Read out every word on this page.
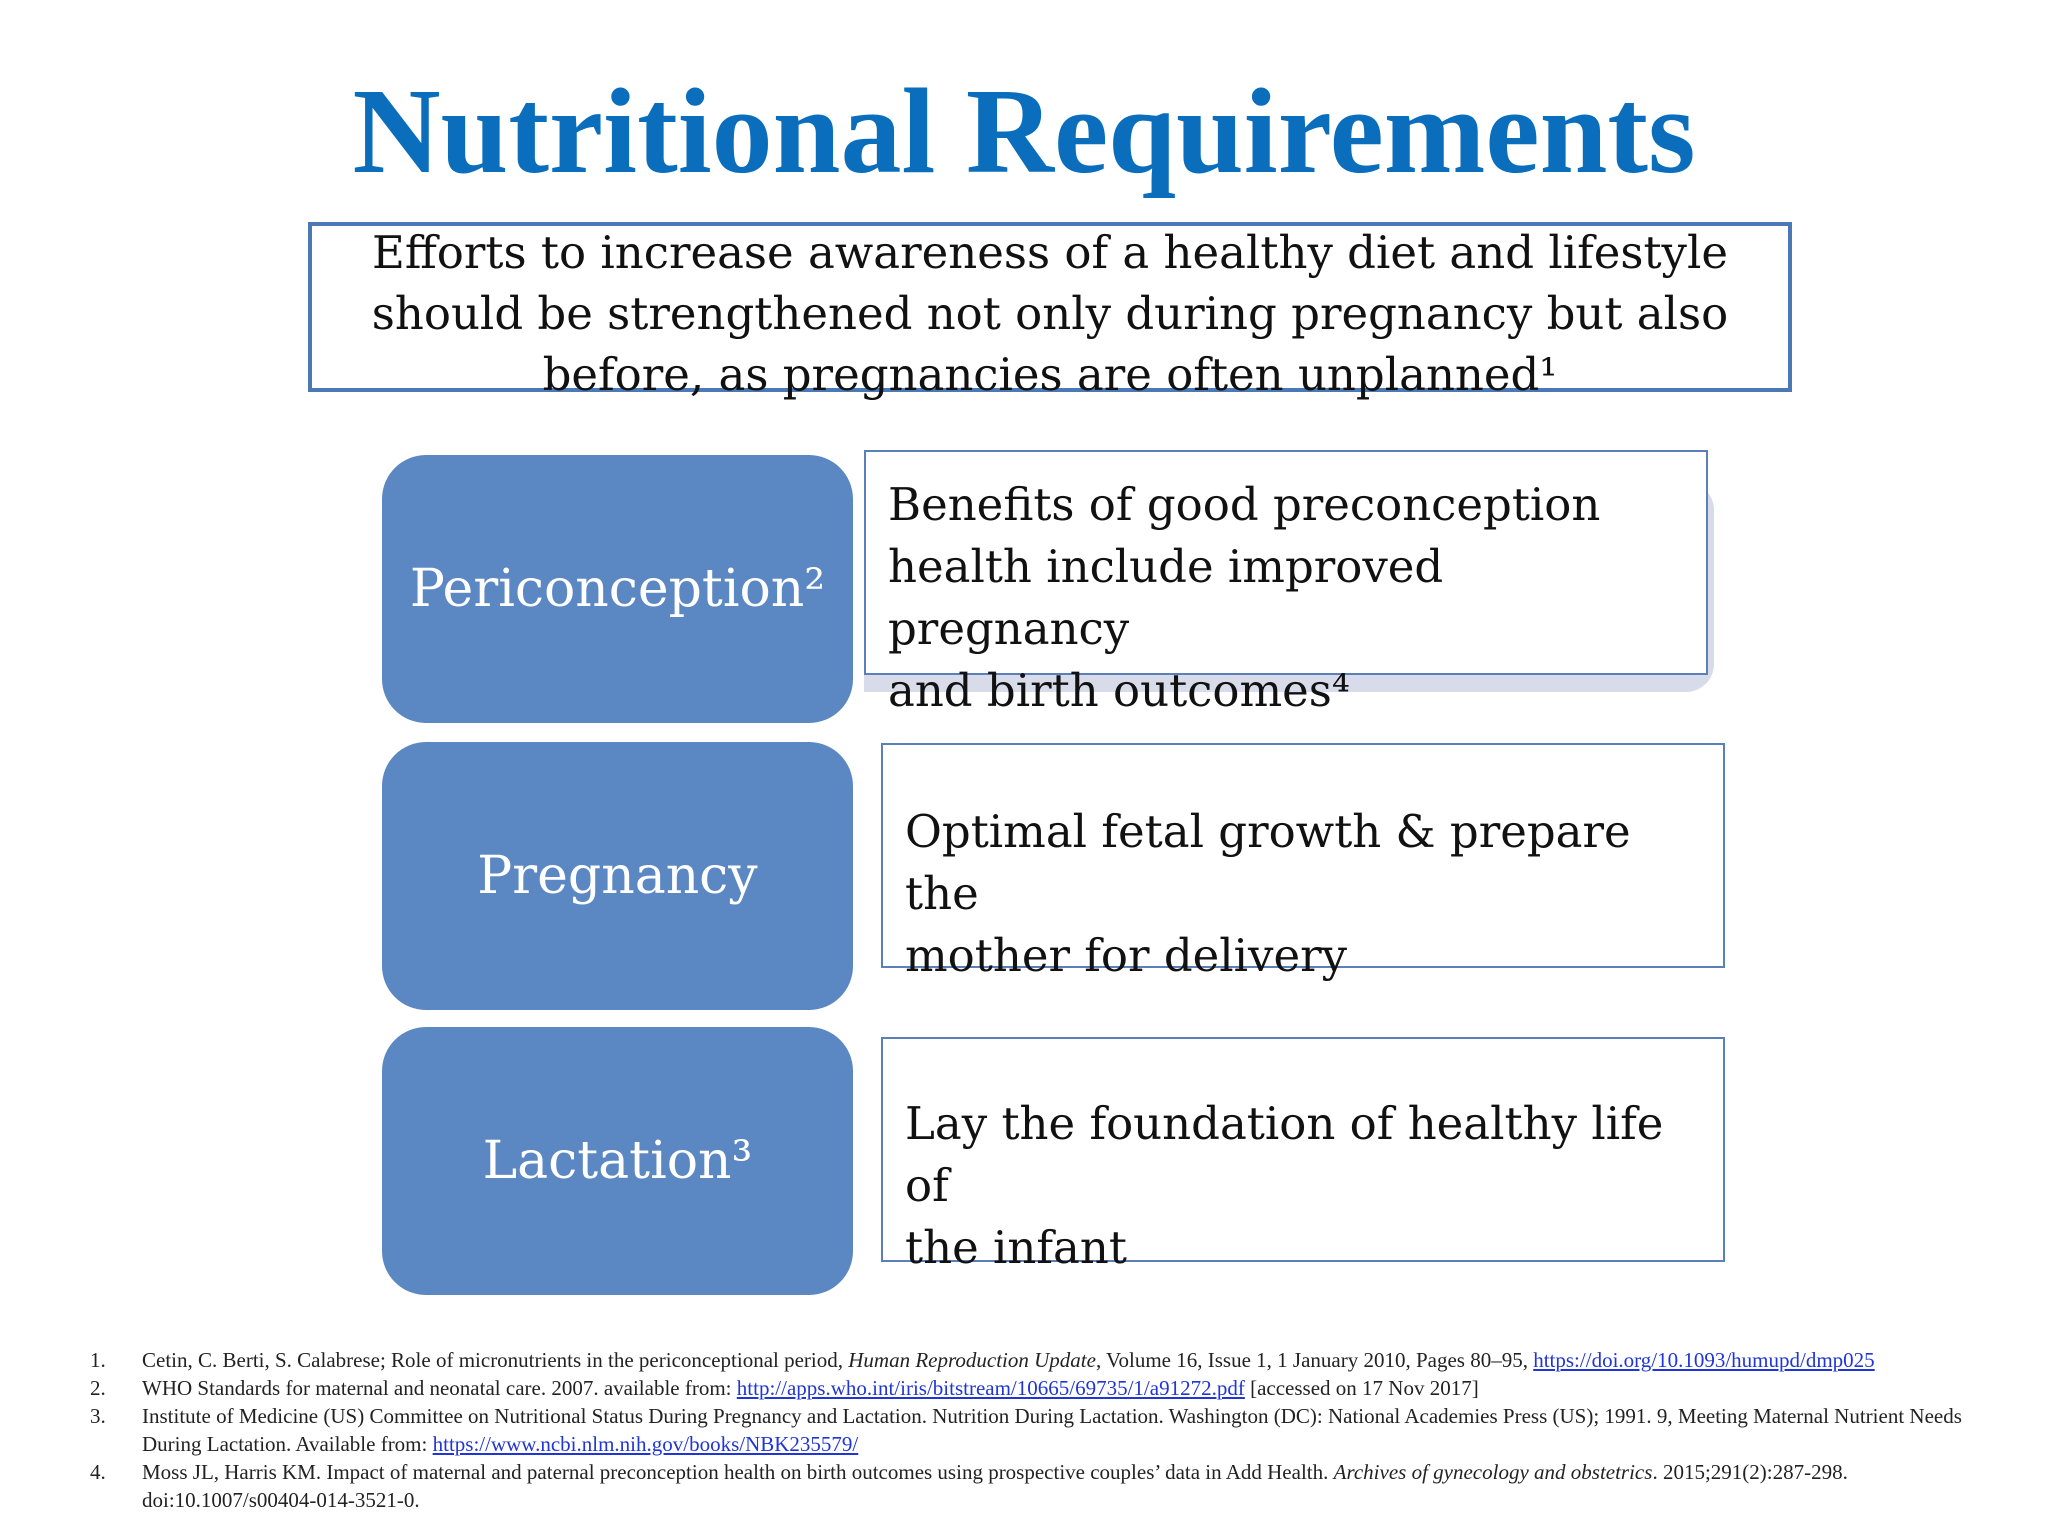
Nutritional Requirements
Efforts to increase awareness of a healthy diet and lifestyle
should be strengthened not only during pregnancy but also
before, as pregnancies are often unplanned¹
Periconception²
Benefits of good preconception
health include improved pregnancy
and birth outcomes⁴
Pregnancy
Optimal fetal growth & prepare the
mother for delivery
Lactation³
Lay the foundation of healthy life of
the infant
1.	Cetin, C. Berti, S. Calabrese; Role of micronutrients in the periconceptional period, Human Reproduction Update, Volume 16, Issue 1, 1 January 2010, Pages 80–95, https://doi.org/10.1093/humupd/dmp025
2.	WHO Standards for maternal and neonatal care. 2007. available from: http://apps.who.int/iris/bitstream/10665/69735/1/a91272.pdf [accessed on 17 Nov 2017]
3.	Institute of Medicine (US) Committee on Nutritional Status During Pregnancy and Lactation. Nutrition During Lactation. Washington (DC): National Academies Press (US); 1991. 9, Meeting Maternal Nutrient Needs During Lactation. Available from: https://www.ncbi.nlm.nih.gov/books/NBK235579/
4.	Moss JL, Harris KM. Impact of maternal and paternal preconception health on birth outcomes using prospective couples’ data in Add Health. Archives of gynecology and obstetrics. 2015;291(2):287-298. doi:10.1007/s00404-014-3521-0.
